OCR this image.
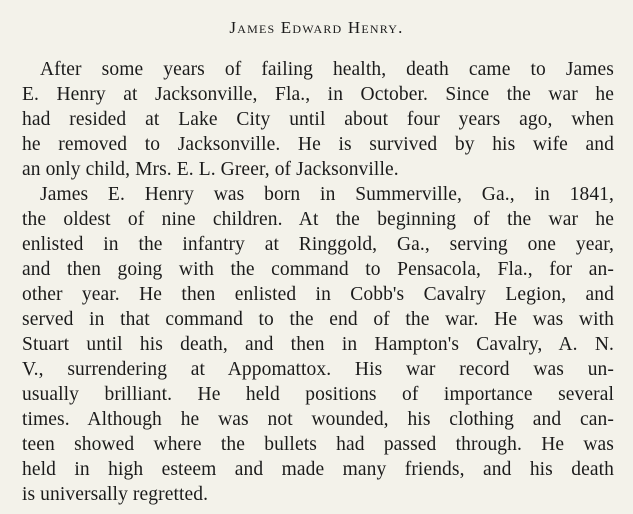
James Edward Henry.
After some years of failing health, death came to James
E. Henry at Jacksonville, Fla., in October. Since the war he
had resided at Lake City until about four years ago, when
he removed to Jacksonville. He is survived by his wife and
an only child, Mrs. E. L. Greer, of Jacksonville.
James E. Henry was born in Summerville, Ga., in 1841,
the oldest of nine children. At the beginning of the war he
enlisted in the infantry at Ringgold, Ga., serving one year,
and then going with the command to Pensacola, Fla., for an-
other year. He then enlisted in Cobb's Cavalry Legion, and
served in that command to the end of the war. He was with
Stuart until his death, and then in Hampton's Cavalry, A. N.
V., surrendering at Appomattox. His war record was un-
usually brilliant. He held positions of importance several
times. Although he was not wounded, his clothing and can-
teen showed where the bullets had passed through. He was
held in high esteem and made many friends, and his death
is universally regretted.
